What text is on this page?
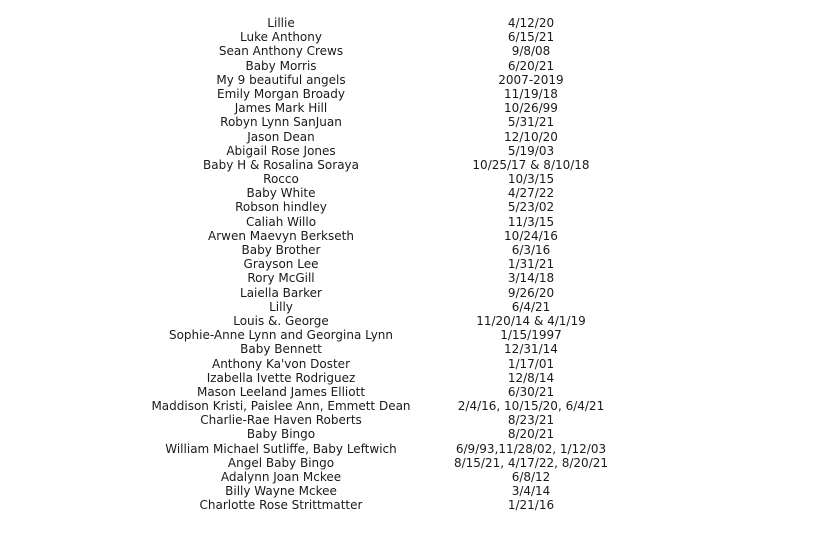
Lillie	4/12/20
Luke Anthony	6/15/21
Sean Anthony Crews	9/8/08
Baby Morris	6/20/21
My 9 beautiful angels	2007-2019
Emily Morgan Broady	11/19/18
James Mark Hill	10/26/99
Robyn Lynn SanJuan	5/31/21
Jason Dean	12/10/20
Abigail Rose Jones	5/19/03
Baby H & Rosalina Soraya	10/25/17 & 8/10/18
Rocco	10/3/15
Baby White	4/27/22
Robson hindley	5/23/02
Caliah Willo	11/3/15
Arwen Maevyn Berkseth	10/24/16
Baby Brother	6/3/16
Grayson Lee	1/31/21
Rory McGill	3/14/18
Laiella Barker	9/26/20
Lilly	6/4/21
Louis &. George	11/20/14 & 4/1/19
Sophie-Anne Lynn and Georgina Lynn	1/15/1997
Baby Bennett	12/31/14
Anthony Ka'von Doster	1/17/01
Izabella Ivette Rodriguez	12/8/14
Mason Leeland James Elliott	6/30/21
Maddison Kristi, Paislee Ann, Emmett Dean	2/4/16, 10/15/20, 6/4/21
Charlie-Rae Haven Roberts	8/23/21
Baby Bingo	8/20/21
William Michael Sutliffe, Baby Leftwich	6/9/93,11/28/02, 1/12/03
Angel Baby Bingo	8/15/21, 4/17/22, 8/20/21
Adalynn Joan Mckee	6/8/12
Billy Wayne Mckee	3/4/14
Charlotte Rose Strittmatter	1/21/16
